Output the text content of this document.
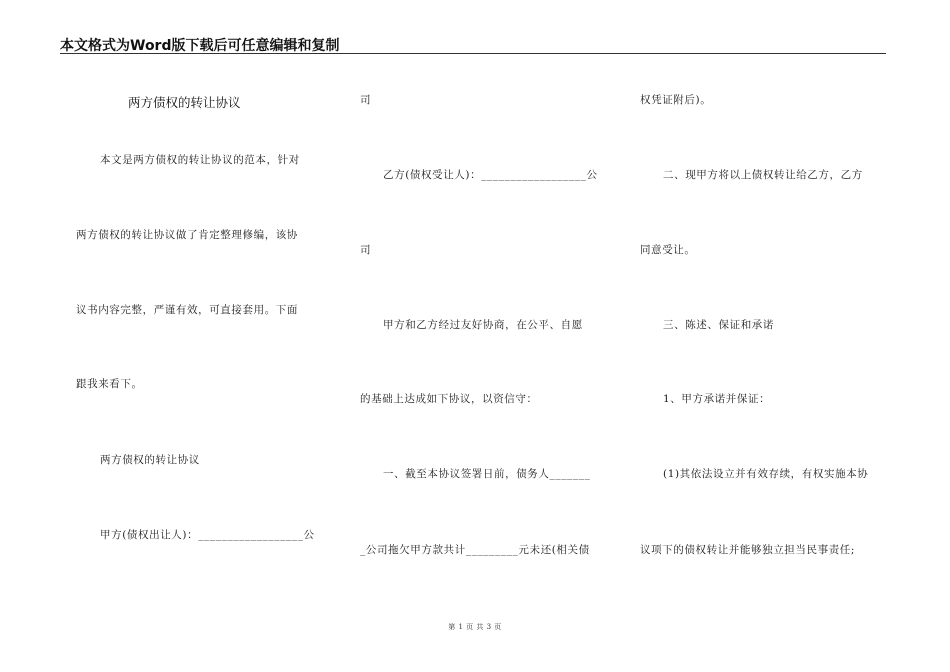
本文格式为Word版下载后可任意编辑和复制
两方债权的转让协议
本文是两方债权的转让协议的范本，针对
两方债权的转让协议做了肯定整理修编，该协
议书内容完整，严谨有效，可直接套用。下面
跟我来看下。
两方债权的转让协议
甲方(债权出让人)：__________________公
司
乙方(债权受让人)：__________________公
司
甲方和乙方经过友好协商，在公平、自愿
的基础上达成如下协议，以资信守：
一、截至本协议签署日前，债务人_______
_公司拖欠甲方款共计_________元未还(相关债
权凭证附后)。
二、现甲方将以上债权转让给乙方，乙方
同意受让。
三、陈述、保证和承诺
1、甲方承诺并保证：
(1)其依法设立并有效存续，有权实施本协
议项下的债权转让并能够独立担当民事责任;
第 1 页 共 3 页
